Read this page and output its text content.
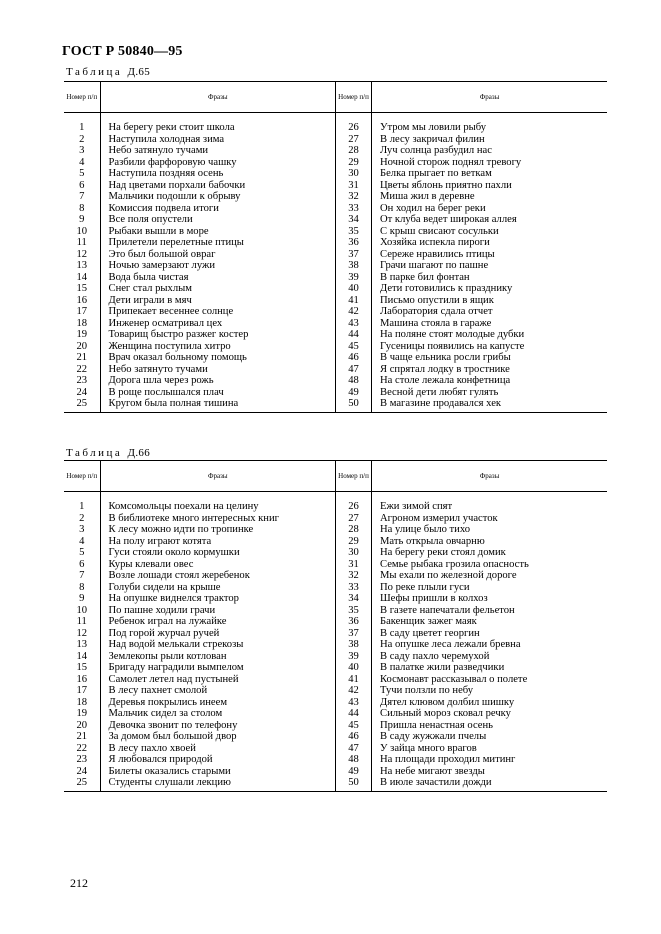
ГОСТ Р 50840—95
Таблица Д.65
Номер п/п	Фразы	Номер п/п	Фразы

1	На берегу реки стоит школа	26	Утром мы ловили рыбу
2	Наступила холодная зима	27	В лесу закричал филин
3	Небо затянуло тучами	28	Луч солнца разбудил нас
4	Разбили фарфоровую чашку	29	Ночной сторож поднял тревогу
5	Наступила поздняя осень	30	Белка прыгает по веткам
6	Над цветами порхали бабочки	31	Цветы яблонь приятно пахли
7	Мальчики подошли к обрыву	32	Миша жил в деревне
8	Комиссия подвела итоги	33	Он ходил на берег реки
9	Все поля опустели	34	От клуба ведет широкая аллея
10	Рыбаки вышли в море	35	С крыш свисают сосульки
11	Прилетели перелетные птицы	36	Хозяйка испекла пироги
12	Это был большой овраг	37	Сереже нравились птицы
13	Ночью замерзают лужи	38	Грачи шагают по пашне
14	Вода была чистая	39	В парке бил фонтан
15	Снег стал рыхлым	40	Дети готовились к празднику
16	Дети играли в мяч	41	Письмо опустили в ящик
17	Припекает весеннее солнце	42	Лаборатория сдала отчет
18	Инженер осматривал цех	43	Машина стояла в гараже
19	Товарищ быстро разжег костер	44	На поляне стоят молодые дубки
20	Женщина поступила хитро	45	Гусеницы появились на капусте
21	Врач оказал больному помощь	46	В чаще ельника росли грибы
22	Небо затянуто тучами	47	Я спрятал лодку в тростнике
23	Дорога шла через рожь	48	На столе лежала конфетница
24	В роще послышался плач	49	Весной дети любят гулять
25	Кругом была полная тишина	50	В магазине продавался хек

Таблица Д.66
Номер п/п	Фразы	Номер п/п	Фразы

1	Комсомольцы поехали на целину	26	Ежи зимой спят
2	В библиотеке много интересных книг	27	Агроном измерил участок
3	К лесу можно идти по тропинке	28	На улице было тихо
4	На полу играют котята	29	Мать открыла овчарню
5	Гуси стояли около кормушки	30	На берегу реки стоял домик
6	Куры клевали овес	31	Семье рыбака грозила опасность
7	Возле лошади стоял жеребенок	32	Мы ехали по железной дороге
8	Голуби сидели на крыше	33	По реке плыли гуси
9	На опушке виднелся трактор	34	Шефы пришли в колхоз
10	По пашне ходили грачи	35	В газете напечатали фельетон
11	Ребенок играл на лужайке	36	Бакенщик зажег маяк
12	Под горой журчал ручей	37	В саду цветет георгин
13	Над водой мелькали стрекозы	38	На опушке леса лежали бревна
14	Землекопы рыли котлован	39	В саду пахло черемухой
15	Бригаду наградили вымпелом	40	В палатке жили разведчики
16	Самолет летел над пустыней	41	Космонавт рассказывал о полете
17	В лесу пахнет смолой	42	Тучи ползли по небу
18	Деревья покрылись инеем	43	Дятел клювом долбил шишку
19	Мальчик сидел за столом	44	Сильный мороз сковал речку
20	Девочка звонит по телефону	45	Пришла ненастная осень
21	За домом был большой двор	46	В саду жужжали пчелы
22	В лесу пахло хвоей	47	У зайца много врагов
23	Я любовался природой	48	На площади проходил митинг
24	Билеты оказались старыми	49	На небе мигают звезды
25	Студенты слушали лекцию	50	В июле зачастили дожди

212
